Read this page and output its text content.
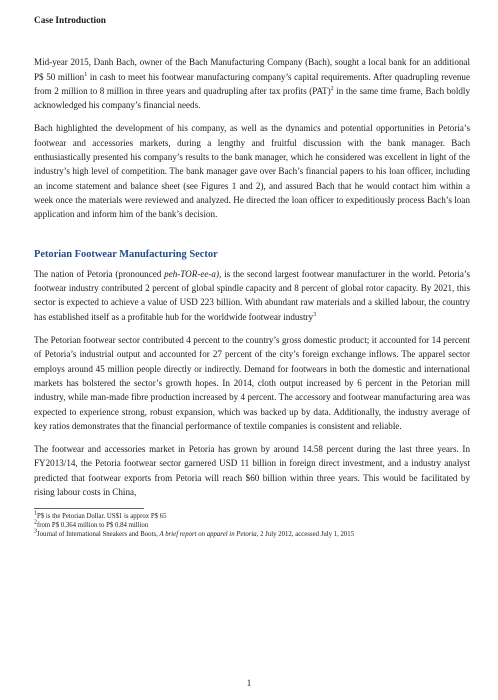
Case Introduction

Mid-year 2015, Danh Bach, owner of the Bach Manufacturing Company (Bach), sought a local bank for an additional P$ 50 million$^1$ in cash to meet his footwear manufacturing company’s capital requirements. After quadrupling revenue from 2 million to 8 million in three years and quadrupling after tax profits (PAT)$^2$ in the same time frame, Bach boldly acknowledged his company’s financial needs.

Bach highlighted the development of his company, as well as the dynamics and potential opportunities in Petoria’s footwear and accessories markets, during a lengthy and fruitful discussion with the bank manager. Bach enthusiastically presented his company’s results to the bank manager, which he considered was excellent in light of the industry’s high level of competition. The bank manager gave over Bach’s financial papers to his loan officer, including an income statement and balance sheet (see Figures 1 and 2), and assured Bach that he would contact him within a week once the materials were reviewed and analyzed. He directed the loan officer to expeditiously process Bach’s loan application and inform him of the bank’s decision.

Petorian Footwear Manufacturing Sector

The nation of Petoria (pronounced peh-TOR-ee-a), is the second largest footwear manufacturer in the world. Petoria’s footwear industry contributed 2 percent of global spindle capacity and 8 percent of global rotor capacity. By 2021, this sector is expected to achieve a value of USD 223 billion. With abundant raw materials and a skilled labour, the country has established itself as a profitable hub for the worldwide footwear industry$^3$

The Petorian footwear sector contributed 4 percent to the country’s gross domestic product; it accounted for 14 percent of Petoria’s industrial output and accounted for 27 percent of the city’s foreign exchange inflows. The apparel sector employs around 45 million people directly or indirectly. Demand for footwears in both the domestic and international markets has bolstered the sector’s growth hopes. In 2014, cloth output increased by 6 percent in the Petorian mill industry, while man-made fibre production increased by 4 percent. The accessory and footwear manufacturing area was expected to experience strong, robust expansion, which was backed up by data. Additionally, the industry average of key ratios demonstrates that the financial performance of textile companies is consistent and reliable.

The footwear and accessories market in Petoria has grown by around 14.58 percent during the last three years. In FY2013/14, the Petoria footwear sector garnered USD 11 billion in foreign direct investment, and a industry analyst predicted that footwear exports from Petoria will reach $60 billion within three years. This would be facilitated by rising labour costs in China,

$^1$P$ is the Petorian Dollar. US$1 is approx P$ 65
$^2$from P$ 0.364 million to P$ 0.84 million
$^3$Journal of International Sneakers and Boots, A brief report on apparel in Petoria, 2 July 2012, accessed July 1, 2015
1
